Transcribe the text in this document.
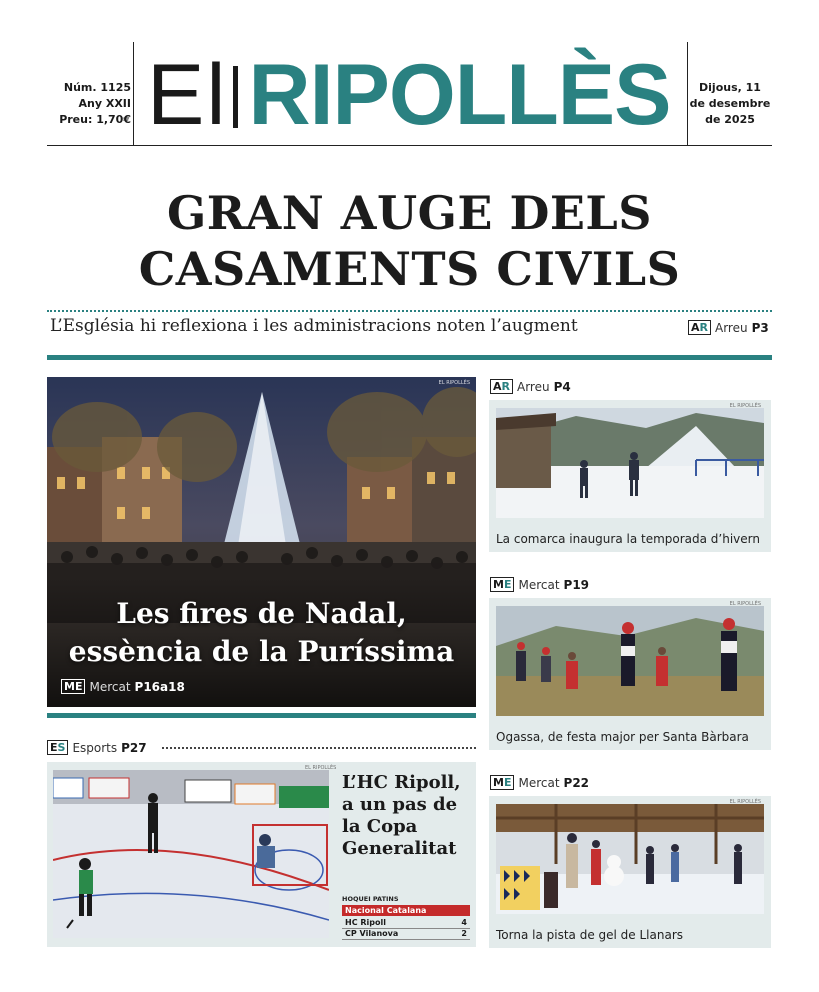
Núm. 1125
Any XXII
Preu: 1,70€ El RIPOLLÈS	Dijous, 11
de desembre
de 2025
GRAN AUGE DELS
CASAMENTS CIVILS
L’Església hi reflexiona i les administracions noten l’augment	AR Arreu P3
EL RIPOLLÈS
Les fires de Nadal,
essència de la Puríssima
ME Mercat P16a18
AR Arreu P4
EL RIPOLLÈS
La comarca inaugura la temporada d’hivern
ME Mercat P19
EL RIPOLLÈS
Ogassa, de festa major per Santa Bàrbara
ME Mercat P22
EL RIPOLLÈS
Torna la pista de gel de Llanars
ES Esports P27
EL RIPOLLÈS
L’HC Ripoll,
a un pas de
la Copa
Generalitat
HOQUEI PATINS
Nacional Catalana
HC Ripoll	4
CP Vilanova	2
